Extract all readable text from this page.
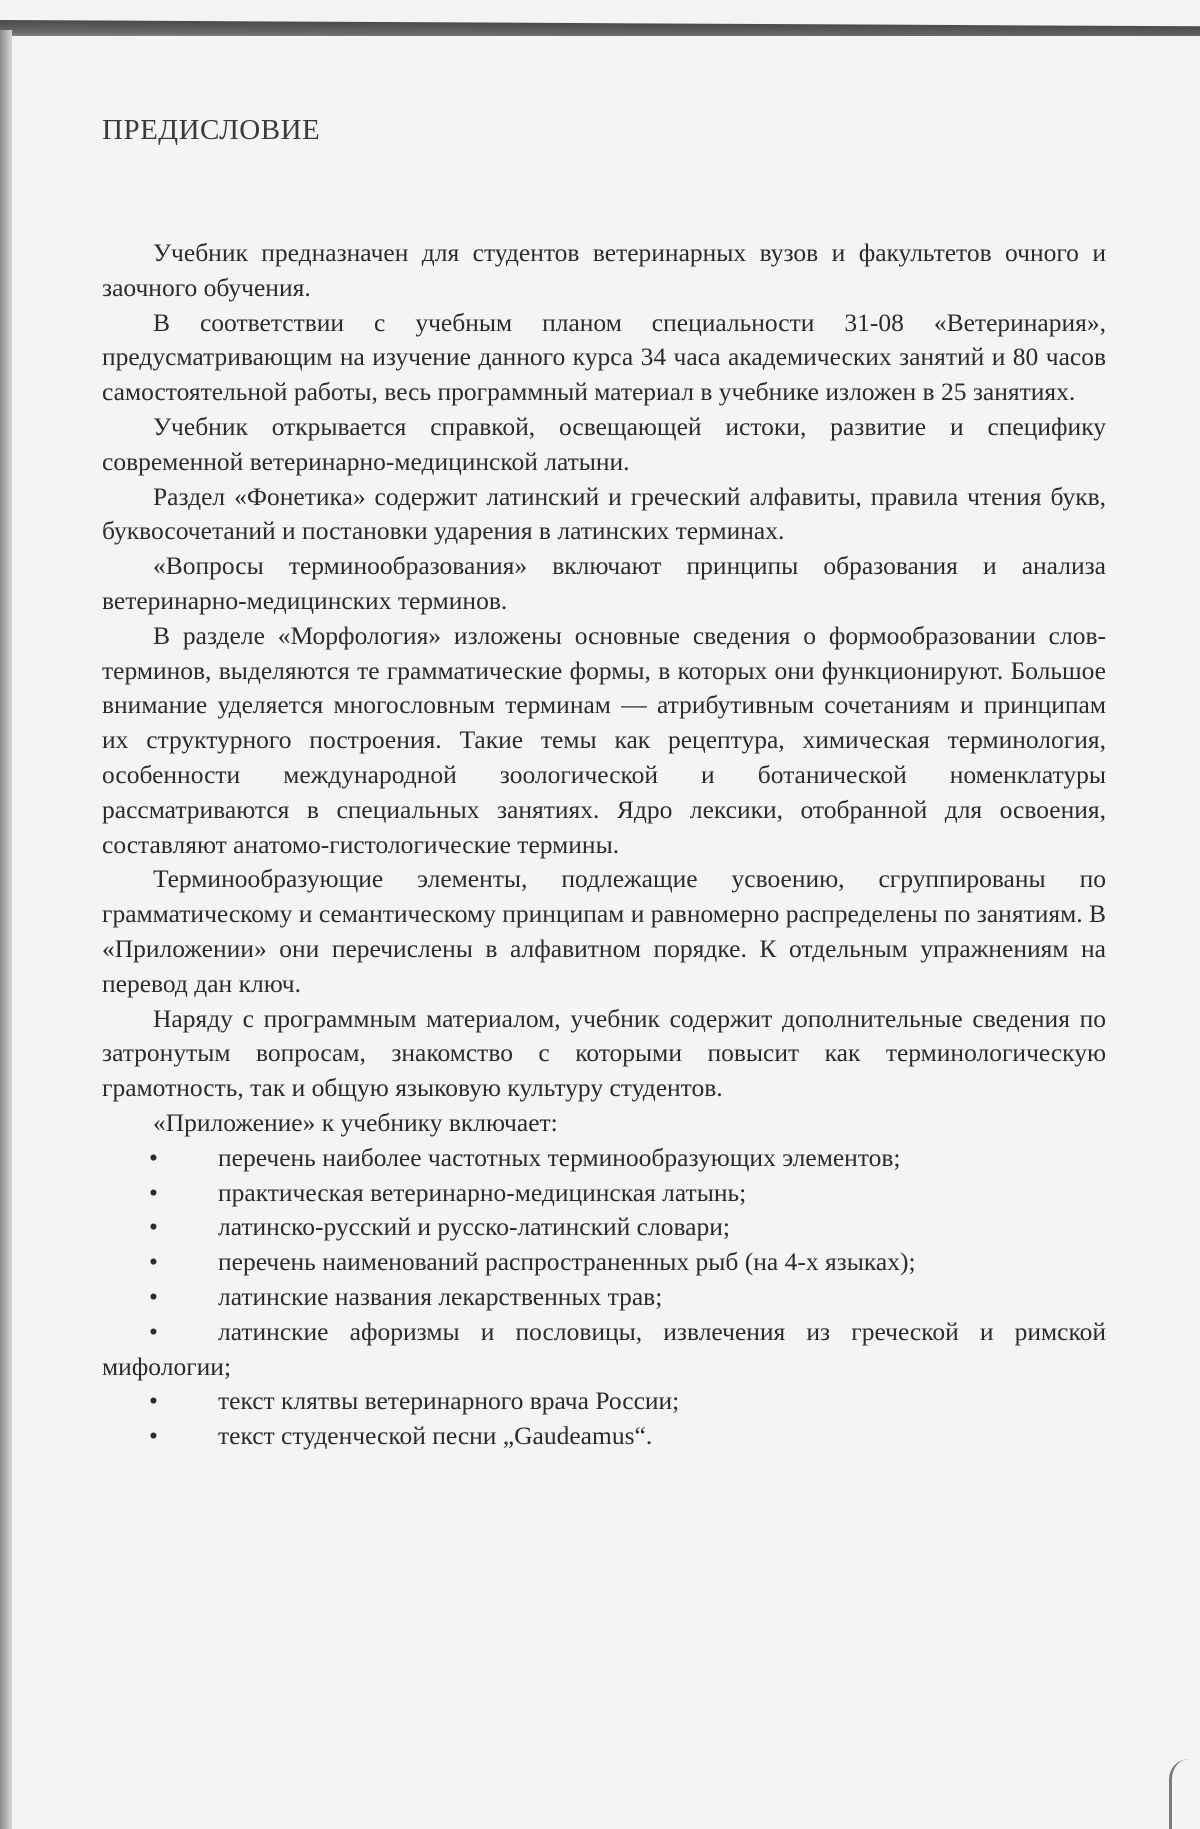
ПРЕДИСЛОВИЕ

Учебник предназначен для студентов ветеринарных вузов и факультетов очного и заочного обучения.

В соответствии с учебным планом специальности 31-08 «Ветеринария», предусматривающим на изучение данного курса 34 часа академических занятий и 80 часов самостоятельной работы, весь программный материал в учебнике изложен в 25 занятиях.

Учебник открывается справкой, освещающей истоки, развитие и специфику современной ветеринарно-медицинской латыни.

Раздел «Фонетика» содержит латинский и греческий алфавиты, правила чтения букв, буквосочетаний и постановки ударения в латинских терминах.

«Вопросы терминообразования» включают принципы образования и анализа ветеринарно-медицинских терминов.

В разделе «Морфология» изложены основные сведения о формообразовании слов-терминов, выделяются те грамматические формы, в которых они функционируют. Большое внимание уделяется многословным терминам — атрибутивным сочетаниям и принципам их структурного построения. Такие темы как рецептура, химическая терминология, особенности международной зоологической и ботанической номенклатуры рассматриваются в специальных занятиях. Ядро лексики, отобранной для освоения, составляют анатомо-гистологические термины.

Терминообразующие элементы, подлежащие усвоению, сгруппированы по грамматическому и семантическому принципам и равномерно распределены по занятиям. В «Приложении» они перечислены в алфавитном порядке. К отдельным упражнениям на перевод дан ключ.

Наряду с программным материалом, учебник содержит дополнительные сведения по затронутым вопросам, знакомство с которыми повысит как терминологическую грамотность, так и общую языковую культуру студентов.

«Приложение» к учебнику включает:

• перечень наиболее частотных терминообразующих элементов;
• практическая ветеринарно-медицинская латынь;
• латинско-русский и русско-латинский словари;
• перечень наименований распространенных рыб (на 4-х языках);
• латинские названия лекарственных трав;
• латинские афоризмы и пословицы, извлечения из греческой и римской мифологии;
• текст клятвы ветеринарного врача России;
• текст студенческой песни „Gaudeamus“.
